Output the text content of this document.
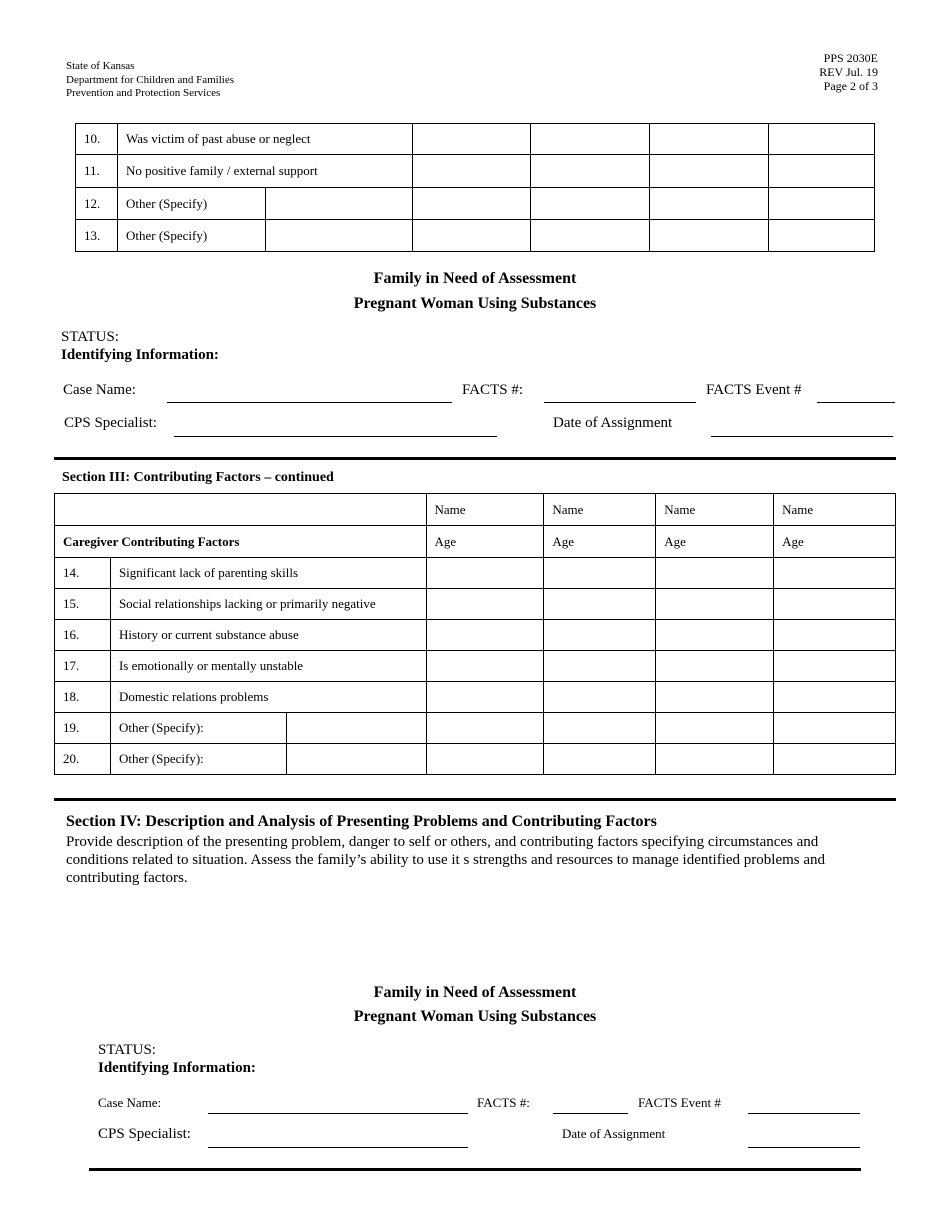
State of Kansas
Department for Children and Families
Prevention and Protection Services
PPS 2030E
REV Jul. 19
Page 2 of 3
10.	Was victim of past abuse or neglect					
11.	No positive family / external support					
12.	Other (Specify)					
13.	Other (Specify)					
Family in Need of Assessment
Pregnant Woman Using Substances
STATUS:
Identifying Information:
Case Name:	FACTS #:	FACTS Event #
CPS Specialist:	Date of Assignment
Section III: Contributing Factors – continued
			Name	Name	Name	Name
Caregiver Contributing Factors			Age	Age	Age	Age
14.	Significant lack of parenting skills					
15.	Social relationships lacking or primarily negative					
16.	History or current substance abuse					
17.	Is emotionally or mentally unstable					
18.	Domestic relations problems					
19.	Other (Specify):					
20.	Other (Specify):					
Section IV: Description and Analysis of Presenting Problems and Contributing Factors
Provide description of the presenting problem, danger to self or others, and contributing factors specifying circumstances and conditions related to situation. Assess the family’s ability to use it s strengths and resources to manage identified problems and contributing factors.
Family in Need of Assessment
Pregnant Woman Using Substances
STATUS:
Identifying Information:
Case Name:	FACTS #:	FACTS Event #
CPS Specialist:	Date of Assignment
